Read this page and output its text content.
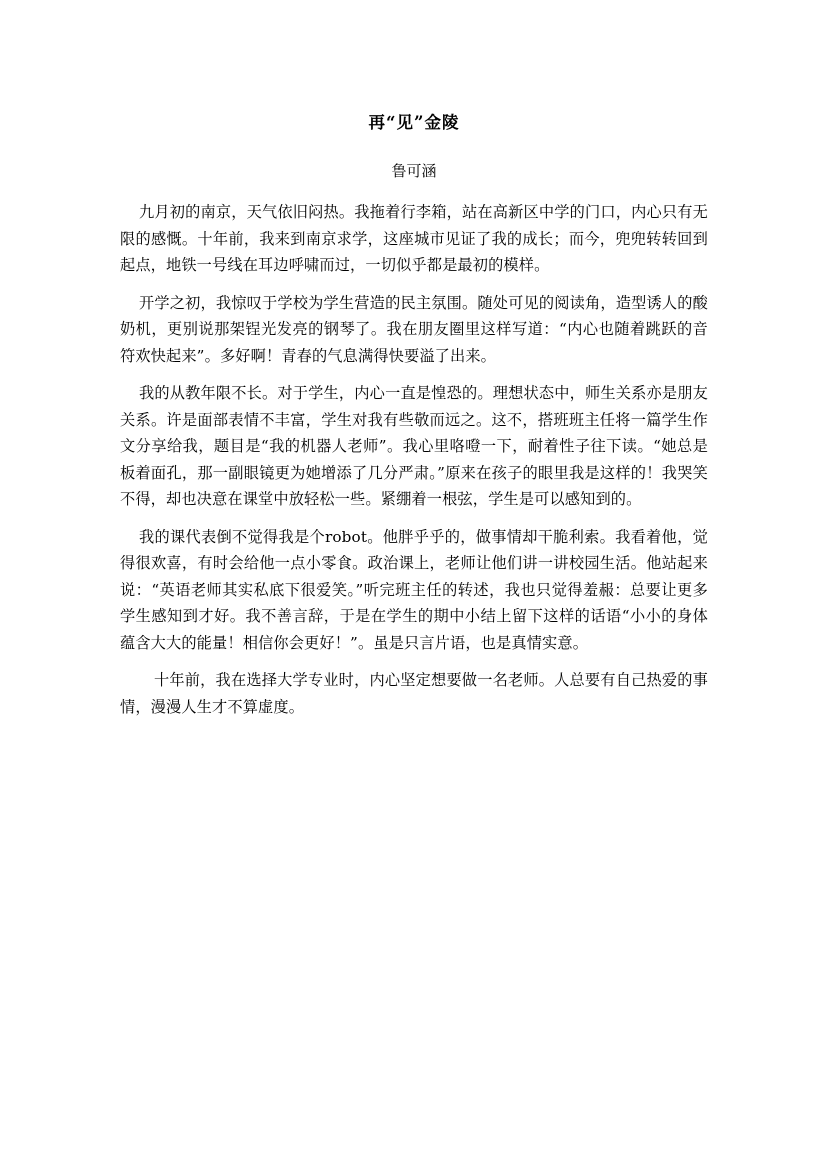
再“见”金陵

鲁可涵

九月初的南京，天气依旧闷热。我拖着行李箱，站在高新区中学的门口，内心只有无限的感慨。十年前，我来到南京求学，这座城市见证了我的成长；而今，兜兜转转回到起点，地铁一号线在耳边呼啸而过，一切似乎都是最初的模样。

开学之初，我惊叹于学校为学生营造的民主氛围。随处可见的阅读角，造型诱人的酸奶机，更别说那架锃光发亮的钢琴了。我在朋友圈里这样写道：“内心也随着跳跃的音符欢快起来”。多好啊！青春的气息满得快要溢了出来。

我的从教年限不长。对于学生，内心一直是惶恐的。理想状态中，师生关系亦是朋友关系。许是面部表情不丰富，学生对我有些敬而远之。这不，搭班班主任将一篇学生作文分享给我，题目是“我的机器人老师”。我心里咯噔一下，耐着性子往下读。“她总是板着面孔，那一副眼镜更为她增添了几分严肃。”原来在孩子的眼里我是这样的！我哭笑不得，却也决意在课堂中放轻松一些。紧绷着一根弦，学生是可以感知到的。

我的课代表倒不觉得我是个robot。他胖乎乎的，做事情却干脆利索。我看着他，觉得很欢喜，有时会给他一点小零食。政治课上，老师让他们讲一讲校园生活。他站起来说：“英语老师其实私底下很爱笑。”听完班主任的转述，我也只觉得羞赧：总要让更多学生感知到才好。我不善言辞，于是在学生的期中小结上留下这样的话语“小小的身体蕴含大大的能量！相信你会更好！”。虽是只言片语，也是真情实意。

十年前，我在选择大学专业时，内心坚定想要做一名老师。人总要有自己热爱的事情，漫漫人生才不算虚度。
